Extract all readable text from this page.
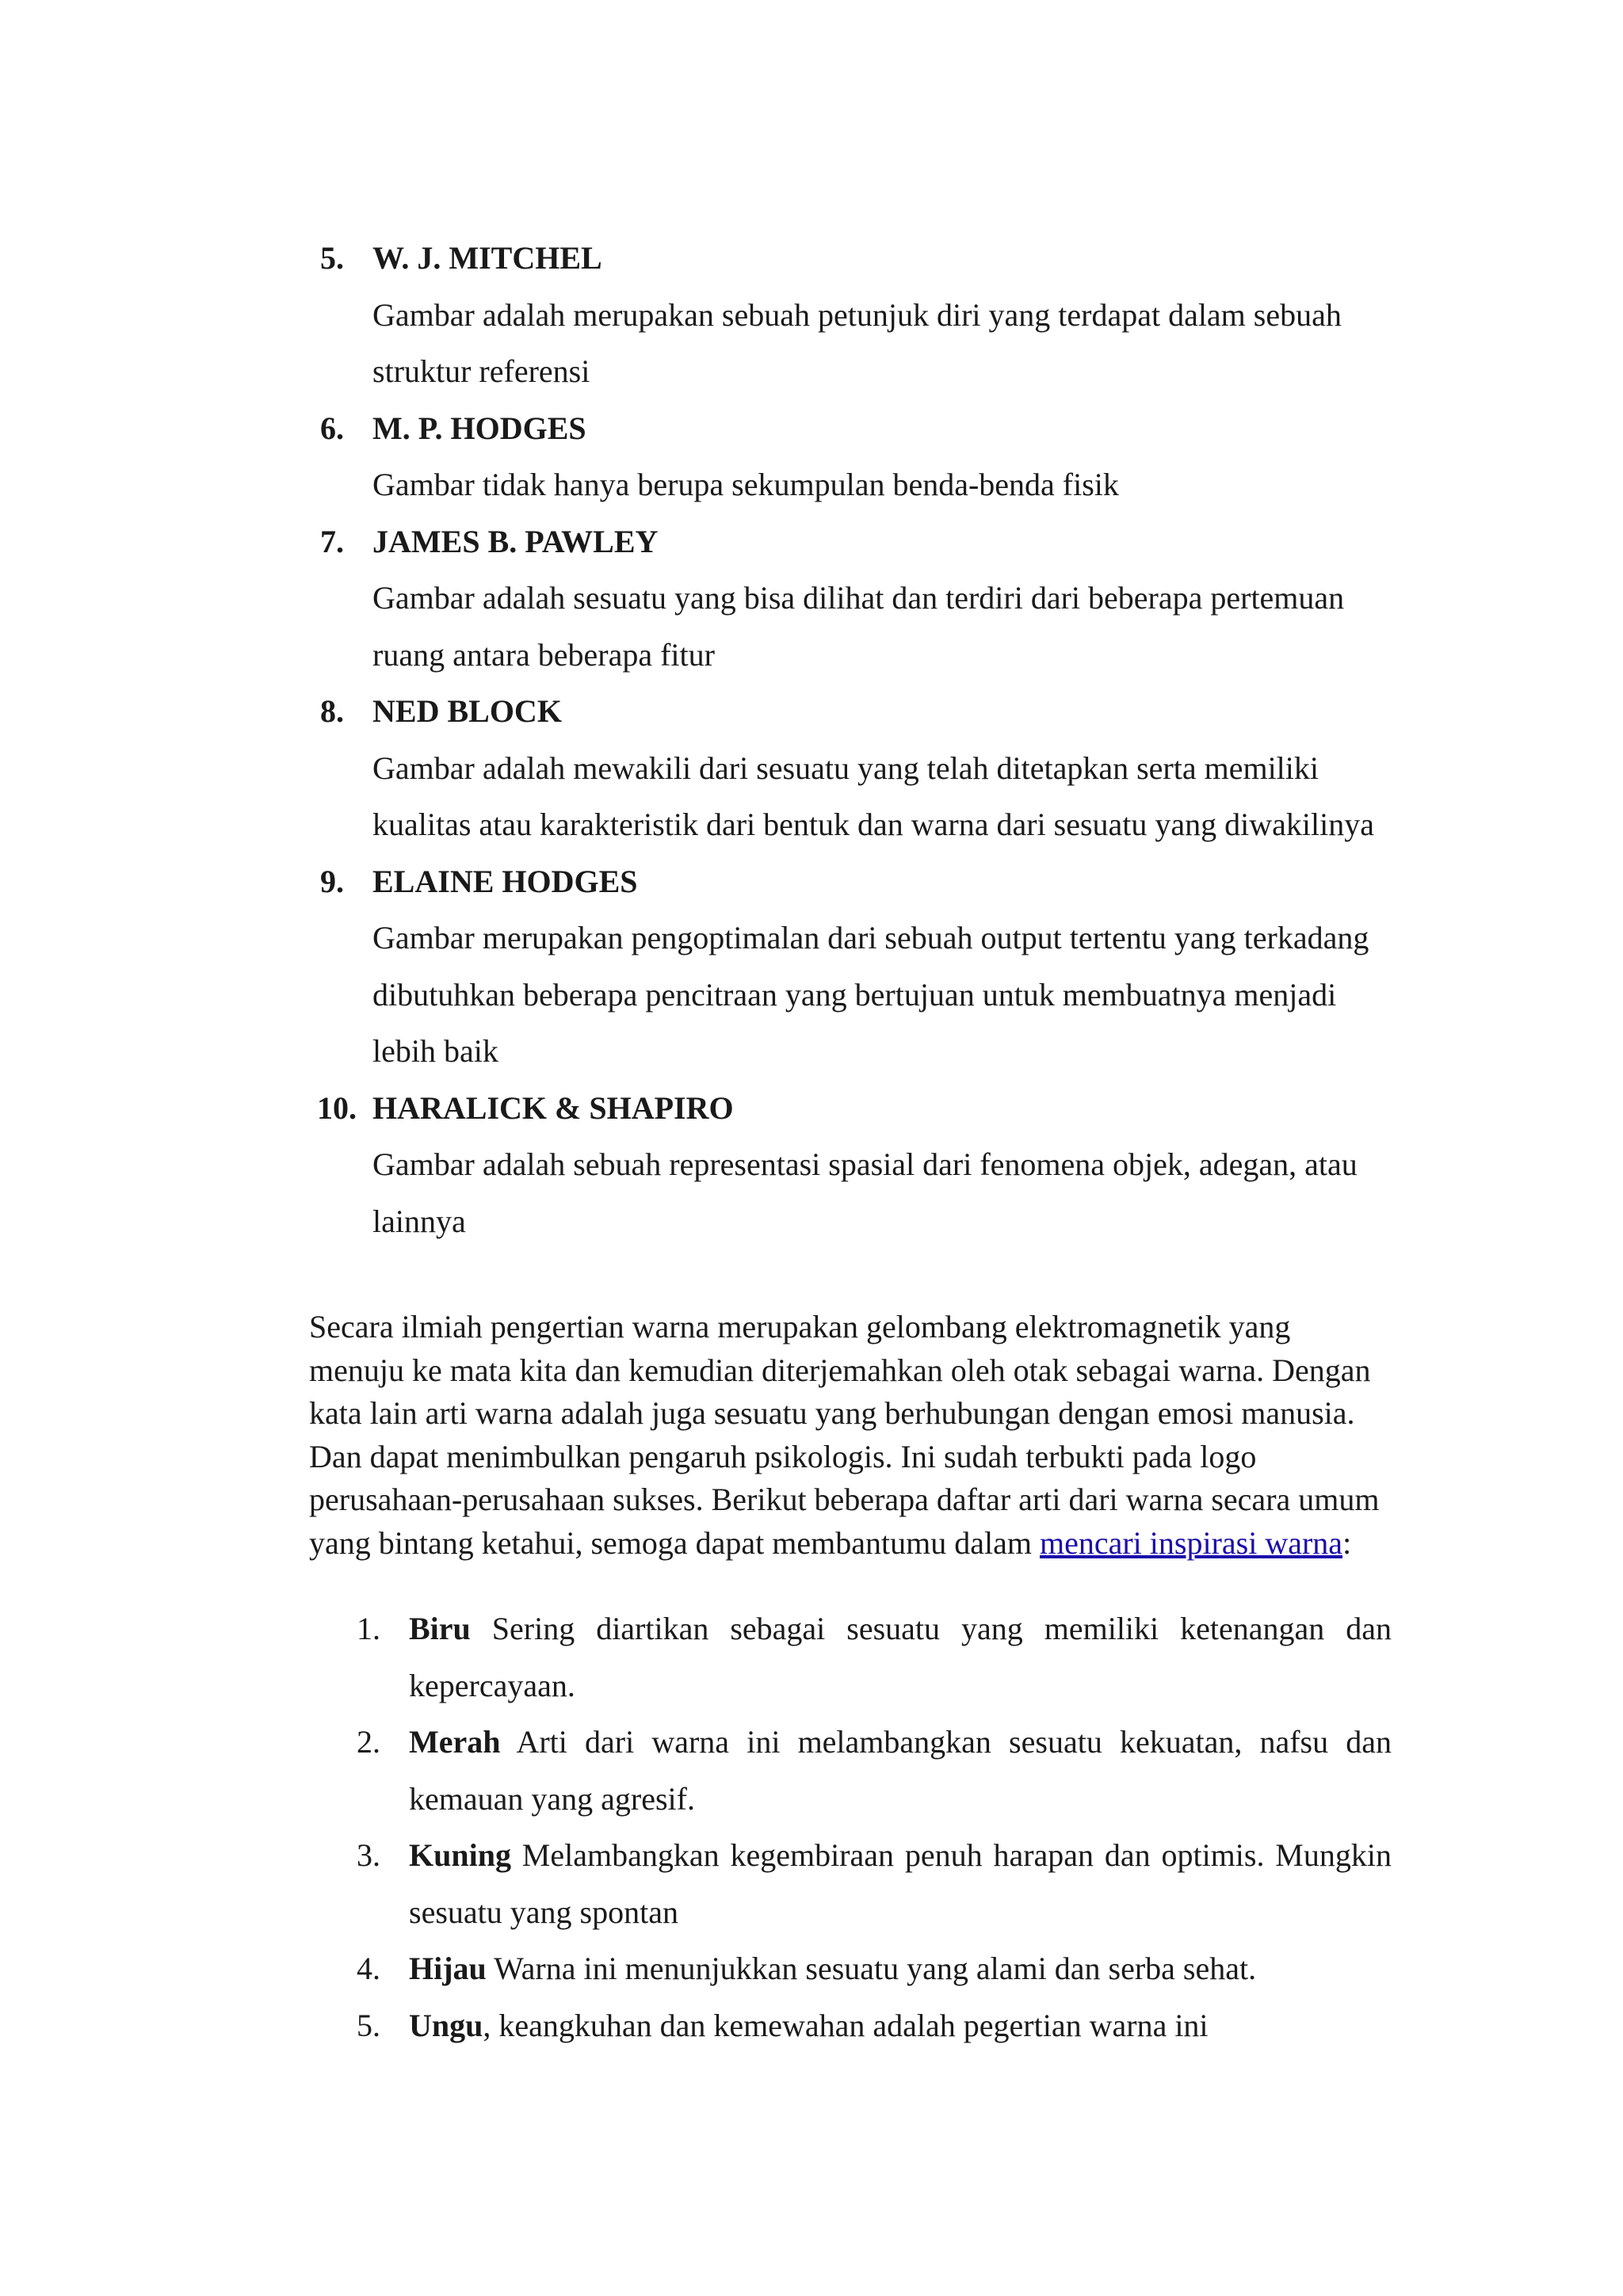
5. W. J. MITCHEL

Gambar adalah merupakan sebuah petunjuk diri yang terdapat dalam sebuah struktur referensi

6. M. P. HODGES

Gambar tidak hanya berupa sekumpulan benda-benda fisik

7. JAMES B. PAWLEY

Gambar adalah sesuatu yang bisa dilihat dan terdiri dari beberapa pertemuan ruang antara beberapa fitur

8. NED BLOCK

Gambar adalah mewakili dari sesuatu yang telah ditetapkan serta memiliki kualitas atau karakteristik dari bentuk dan warna dari sesuatu yang diwakilinya

9. ELAINE HODGES

Gambar merupakan pengoptimalan dari sebuah output tertentu yang terkadang dibutuhkan beberapa pencitraan yang bertujuan untuk membuatnya menjadi lebih baik

10. HARALICK & SHAPIRO

Gambar adalah sebuah representasi spasial dari fenomena objek, adegan, atau lainnya

Secara ilmiah pengertian warna merupakan gelombang elektromagnetik yang menuju ke mata kita dan kemudian diterjemahkan oleh otak sebagai warna. Dengan kata lain arti warna adalah juga sesuatu yang berhubungan dengan emosi manusia. Dan dapat menimbulkan pengaruh psikologis. Ini sudah terbukti pada logo perusahaan-perusahaan sukses. Berikut beberapa daftar arti dari warna secara umum yang bintang ketahui, semoga dapat membantumu dalam mencari inspirasi warna:

1. Biru Sering diartikan sebagai sesuatu yang memiliki ketenangan dan kepercayaan.
2. Merah Arti dari warna ini melambangkan sesuatu kekuatan, nafsu dan kemauan yang agresif.
3. Kuning Melambangkan kegembiraan penuh harapan dan optimis. Mungkin sesuatu yang spontan
4. Hijau Warna ini menunjukkan sesuatu yang alami dan serba sehat.
5. Ungu, keangkuhan dan kemewahan adalah pegertian warna ini
